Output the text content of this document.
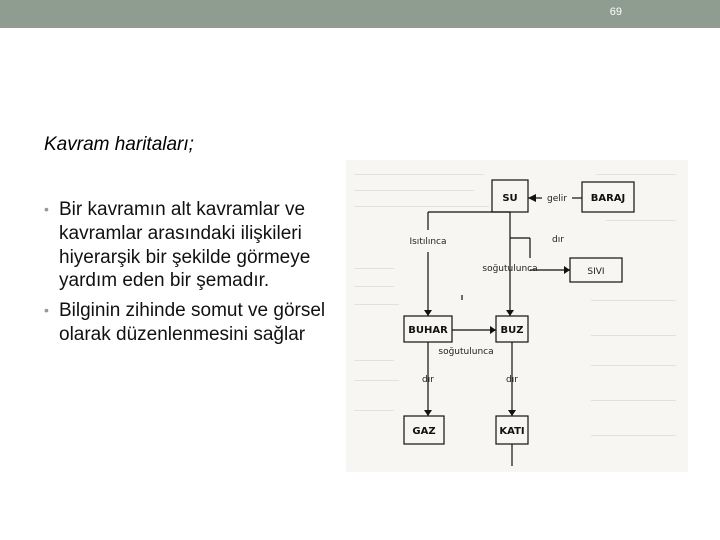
69
Kavram haritaları;
• Bir kavramın alt kavramlar ve kavramlar arasındaki ilişkileri hiyerarşik bir şekilde görmeye yardım eden bir şemadır.
• Bilginin zihinde somut ve görsel olarak düzenlenmesini sağlar
SU	BARAJ
SIVI
BUHAR	BUZ
GAZ	KATI
gelir
Isıtılınca	dır
soğutulunca
soğutulunca
dır	dır
